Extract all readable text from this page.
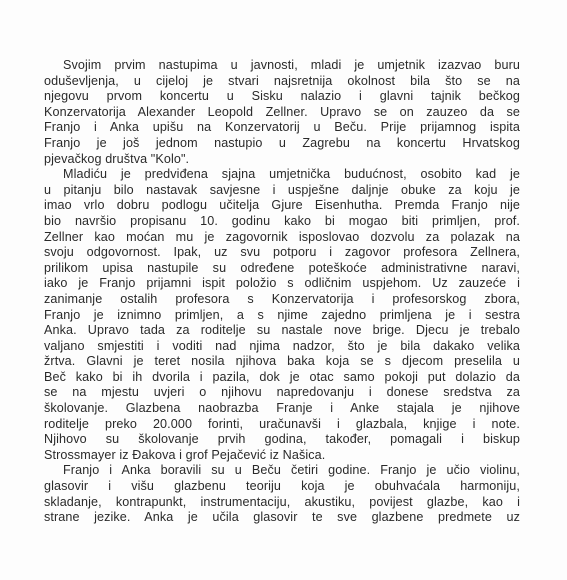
Svojim prvim nastupima u javnosti, mladi je umjetnik izazvao buru
oduševljenja, u cijeloj je stvari najsretnija okolnost bila što se na
njegovu prvom koncertu u Sisku nalazio i glavni tajnik bečkog
Konzervatorija Alexander Leopold Zellner. Upravo se on zauzeo da se
Franjo i Anka upišu na Konzervatorij u Beču. Prije prijamnog ispita
Franjo je još jednom nastupio u Zagrebu na koncertu Hrvatskog
pjevačkog društva "Kolo".
Mladiću je predviđena sjajna umjetnička budućnost, osobito kad je
u pitanju bilo nastavak savjesne i uspješne daljnje obuke za koju je
imao vrlo dobru podlogu učitelja Gjure Eisenhutha. Premda Franjo nije
bio navršio propisanu 10. godinu kako bi mogao biti primljen, prof.
Zellner kao moćan mu je zagovornik isposlovao dozvolu za polazak na
svoju odgovornost. Ipak, uz svu potporu i zagovor profesora Zellnera,
prilikom upisa nastupile su određene poteškoće administrativne naravi,
iako je Franjo prijamni ispit položio s odličnim uspjehom. Uz zauzeće i
zanimanje ostalih profesora s Konzervatorija i profesorskog zbora,
Franjo je iznimno primljen, a s njime zajedno primljena je i sestra
Anka. Upravo tada za roditelje su nastale nove brige. Djecu je trebalo
valjano smjestiti i voditi nad njima nadzor, što je bila dakako velika
žrtva. Glavni je teret nosila njihova baka koja se s djecom preselila u
Beč kako bi ih dvorila i pazila, dok je otac samo pokoji put dolazio da
se na mjestu uvjeri o njihovu napredovanju i donese sredstva za
školovanje. Glazbena naobrazba Franje i Anke stajala je njihove
roditelje preko 20.000 forinti, uračunavši i glazbala, knjige i note.
Njihovo su školovanje prvih godina, također, pomagali i biskup
Strossmayer iz Đakova i grof Pejačević iz Našica.
Franjo i Anka boravili su u Beču četiri godine. Franjo je učio violinu,
glasovir i višu glazbenu teoriju koja je obuhvaćala harmoniju,
skladanje, kontrapunkt, instrumentaciju, akustiku, povijest glazbe, kao i
strane jezike. Anka je učila glasovir te sve glazbene predmete uz
